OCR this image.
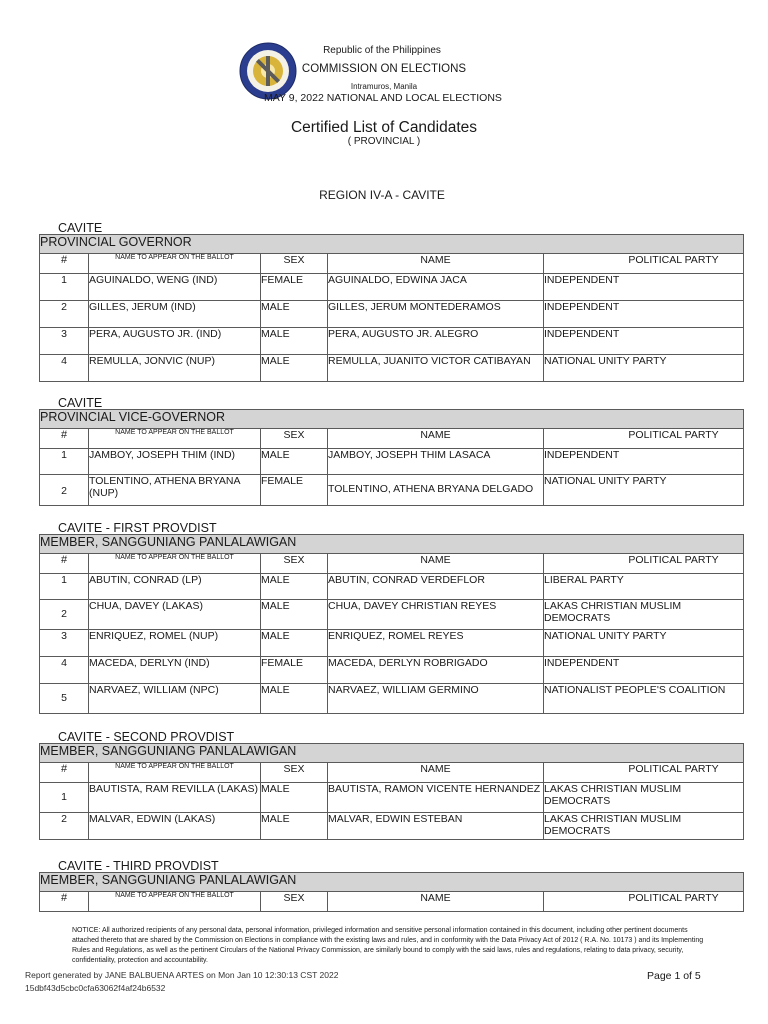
Republic of the Philippines
COMMISSION ON ELECTIONS
Intramuros, Manila
MAY 9, 2022 NATIONAL AND LOCAL ELECTIONS
Certified List of Candidates
( PROVINCIAL )
REGION IV-A - CAVITE
CAVITE
PROVINCIAL GOVERNOR				
#	NAME TO APPEAR ON THE BALLOT	SEX	NAME	POLITICAL PARTY
1	AGUINALDO, WENG (IND)	FEMALE	AGUINALDO, EDWINA JACA	INDEPENDENT
2	GILLES, JERUM (IND)	MALE	GILLES, JERUM MONTEDERAMOS	INDEPENDENT
3	PERA, AUGUSTO JR. (IND)	MALE	PERA, AUGUSTO JR. ALEGRO	INDEPENDENT
4	REMULLA, JONVIC (NUP)	MALE	REMULLA, JUANITO VICTOR CATIBAYAN	NATIONAL UNITY PARTY
CAVITE
PROVINCIAL VICE-GOVERNOR				
#	NAME TO APPEAR ON THE BALLOT	SEX	NAME	POLITICAL PARTY
1	JAMBOY, JOSEPH THIM (IND)	MALE	JAMBOY, JOSEPH THIM LASACA	INDEPENDENT
2	TOLENTINO, ATHENA BRYANA (NUP)	FEMALE	TOLENTINO, ATHENA BRYANA DELGADO	NATIONAL UNITY PARTY
CAVITE - FIRST PROVDIST
MEMBER, SANGGUNIANG PANLALAWIGAN				
#	NAME TO APPEAR ON THE BALLOT	SEX	NAME	POLITICAL PARTY
1	ABUTIN, CONRAD (LP)	MALE	ABUTIN, CONRAD VERDEFLOR	LIBERAL PARTY
2	CHUA, DAVEY (LAKAS)	MALE	CHUA, DAVEY CHRISTIAN REYES	LAKAS CHRISTIAN MUSLIM DEMOCRATS
3	ENRIQUEZ, ROMEL (NUP)	MALE	ENRIQUEZ, ROMEL REYES	NATIONAL UNITY PARTY
4	MACEDA, DERLYN (IND)	FEMALE	MACEDA, DERLYN ROBRIGADO	INDEPENDENT
5	NARVAEZ, WILLIAM (NPC)	MALE	NARVAEZ, WILLIAM GERMINO	NATIONALIST PEOPLE'S COALITION
CAVITE - SECOND PROVDIST
MEMBER, SANGGUNIANG PANLALAWIGAN				
#	NAME TO APPEAR ON THE BALLOT	SEX	NAME	POLITICAL PARTY
1	BAUTISTA, RAM REVILLA (LAKAS)	MALE	BAUTISTA, RAMON VICENTE HERNANDEZ	LAKAS CHRISTIAN MUSLIM DEMOCRATS
2	MALVAR, EDWIN (LAKAS)	MALE	MALVAR, EDWIN ESTEBAN	LAKAS CHRISTIAN MUSLIM DEMOCRATS
CAVITE - THIRD PROVDIST
MEMBER, SANGGUNIANG PANLALAWIGAN
#	NAME TO APPEAR ON THE BALLOT	SEX	NAME	POLITICAL PARTY
NOTICE: All authorized recipients of any personal data, personal information, privileged information and sensitive personal information contained in this document, including other pertinent documents attached thereto that are shared by the Commission on Elections in compliance with the existing laws and rules, and in conformity with the Data Privacy Act of 2012 ( R.A. No. 10173 ) and its Implementing Rules and Regulations, as well as the pertinent Circulars of the National Privacy Commission, are similarly bound to comply with the said laws, rules and regulations, relating to data privacy, security, confidentiality, protection and accountability.
Report generated by JANE BALBUENA ARTES on Mon Jan 10 12:30:13 CST 2022
15dbf43d5cbc0cfa63062f4af24b6532
Page 1 of 5
